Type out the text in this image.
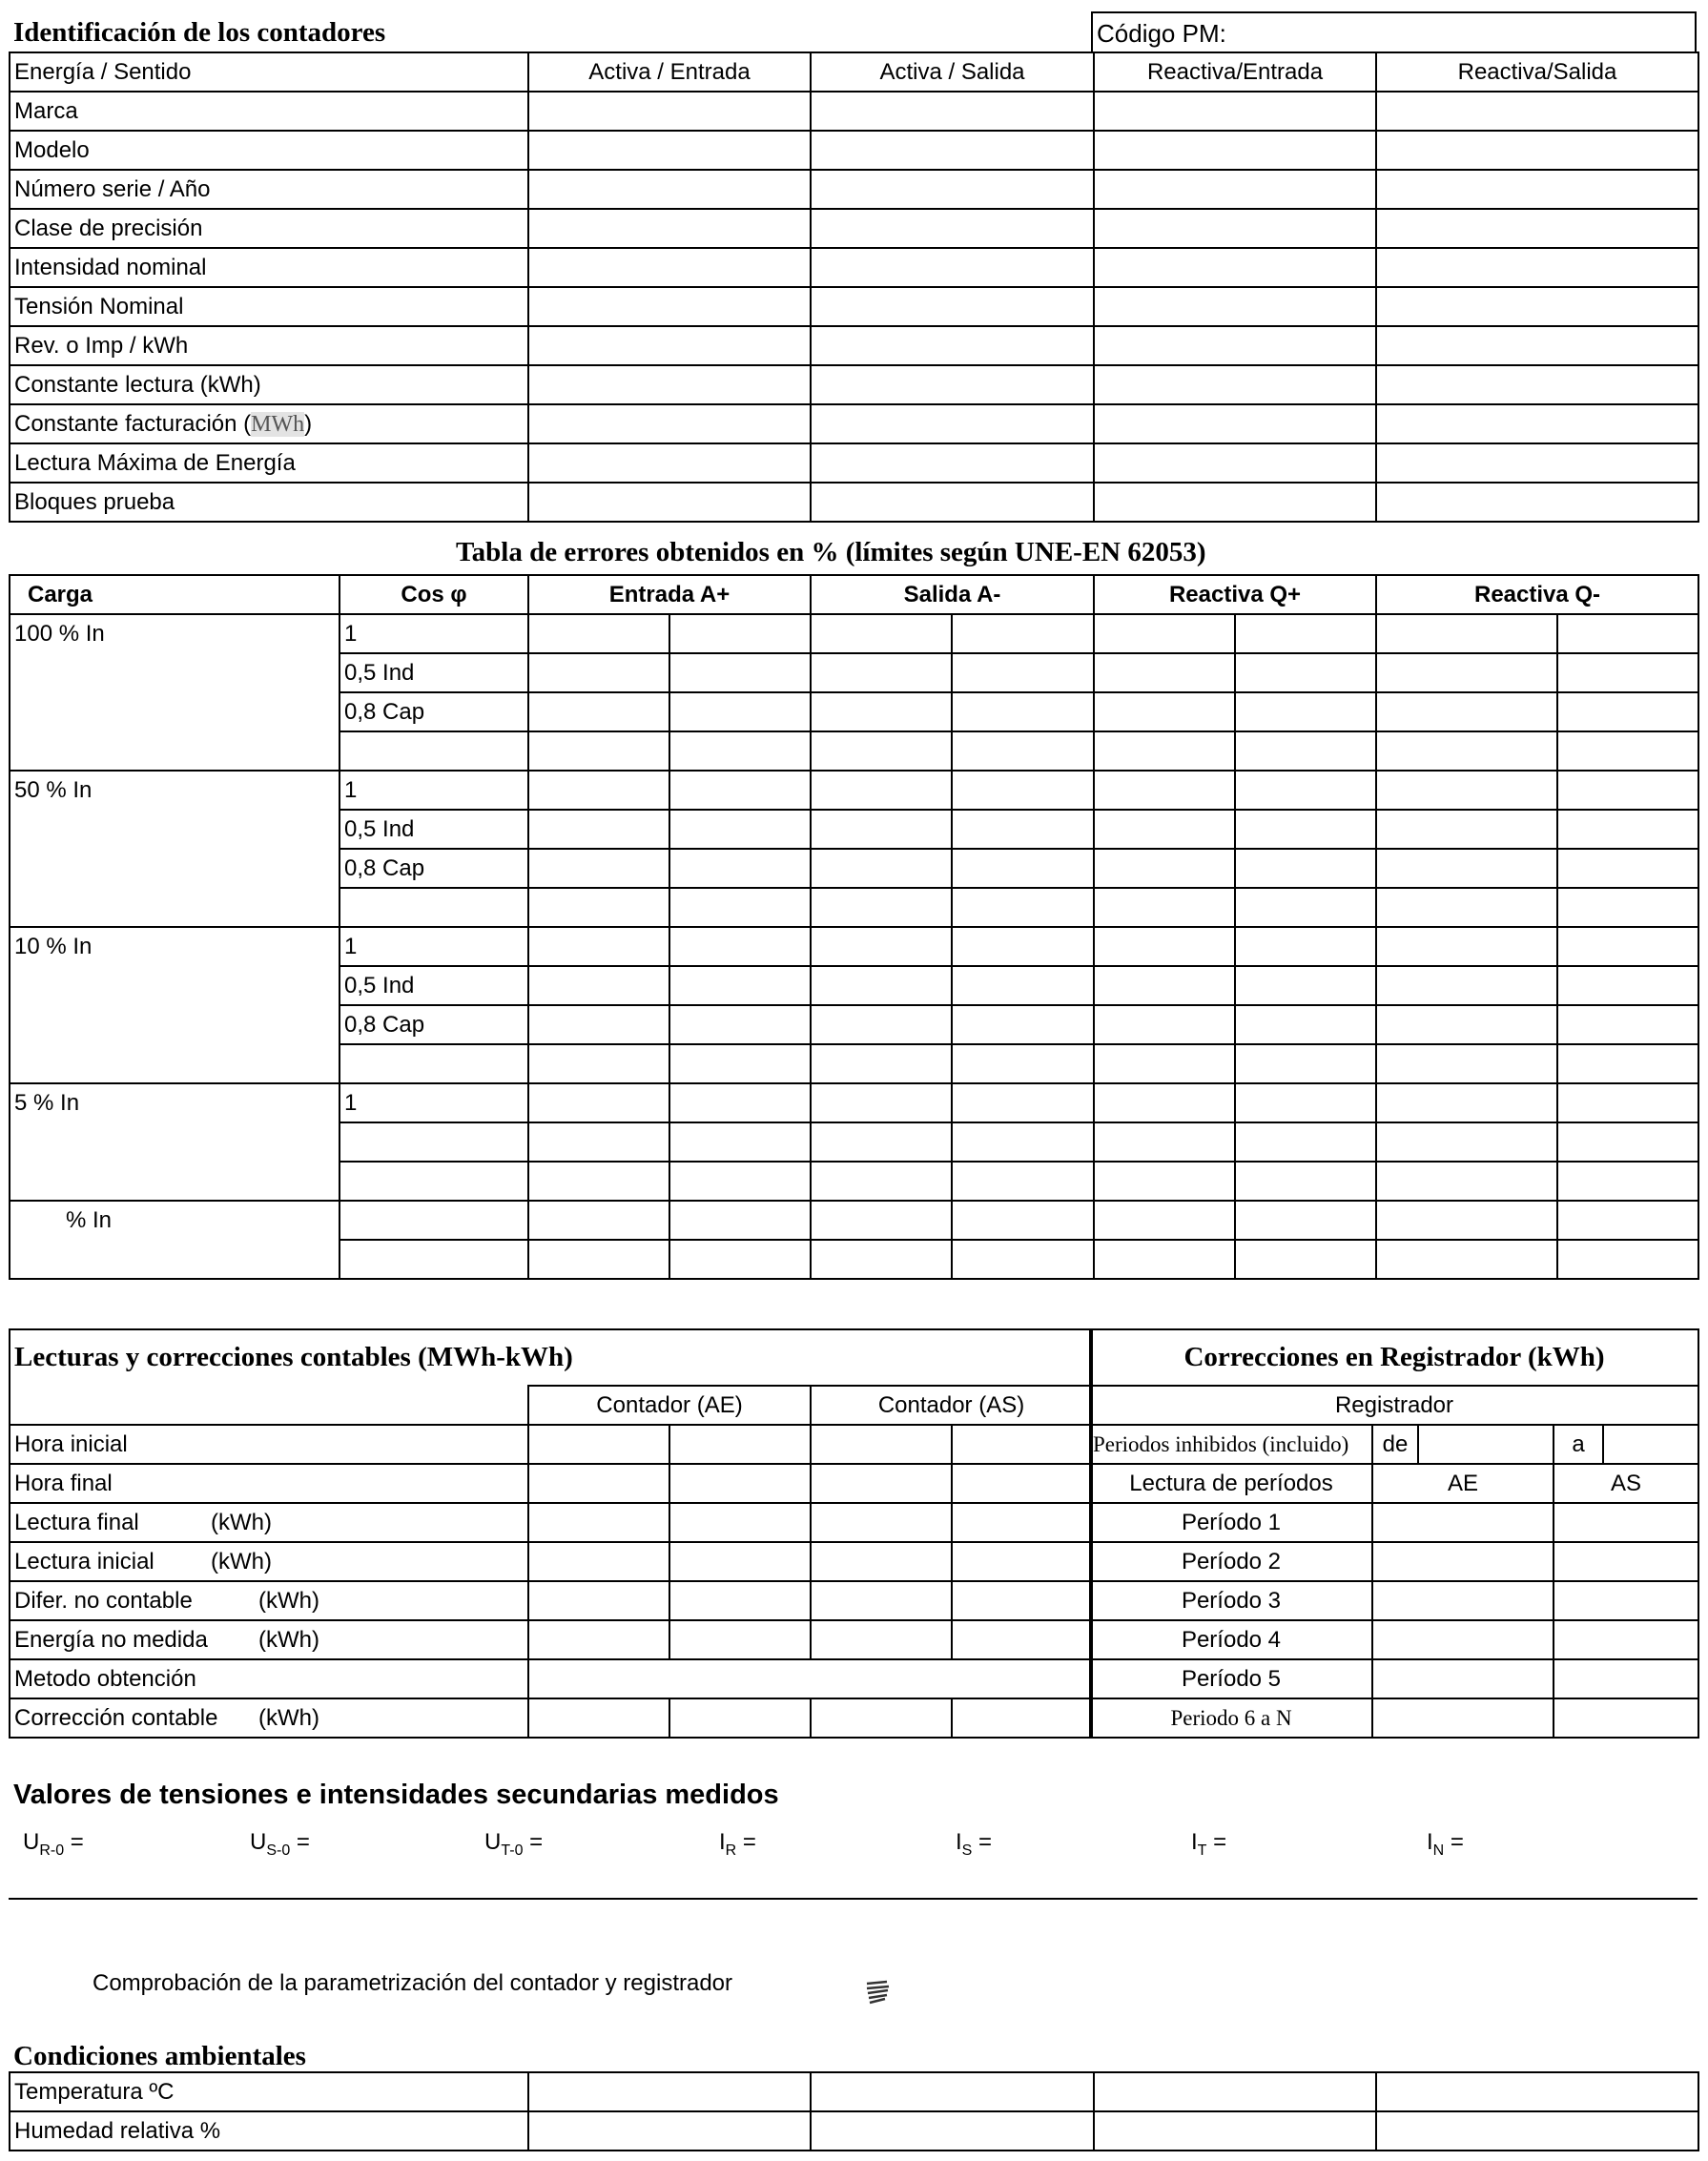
Identificación de los contadores	Código PM:
Energía / Sentido	Activa / Entrada	Activa / Salida	Reactiva/Entrada	Reactiva/Salida
Marca				
Modelo				
Número serie / Año				
Clase de precisión				
Intensidad nominal				
Tensión Nominal				
Rev. o Imp / kWh				
Constante lectura (kWh)				
Constante facturación (MWh)				
Lectura Máxima de Energía				
Bloques prueba				
Tabla de errores obtenidos en % (límites según UNE-EN 62053)
Carga	Cos φ	Entrada A+		Salida A-		Reactiva Q+		Reactiva Q-	
100 % In	1								
	0,5 Ind								
	0,8 Cap								

50 % In	1								
	0,5 Ind								
	0,8 Cap								

10 % In	1								
	0,5 Ind								
	0,8 Cap								

5 % In	1								

% In									

Lecturas y correcciones contables (MWh-kWh)				
	Contador (AE)		Contador (AS)	
Hora inicial				
Hora final				
Lectura final (kWh)				

Lectura inicial (kWh)				

Difer. no contable (kWh)				

Energía no medida (kWh)				

Metodo obtención				
Corrección contable (kWh)				

Correcciones en Registrador (kWh)				
Registrador				
Periodos inhibidos (incluido)	de		a	
Lectura de períodos	AE		AS	
Período 1				
Período 2				
Período 3				
Período 4				
Período 5				
Periodo 6 a N				
Valores de tensiones e intensidades secundarias medidos
$U_{R-0}$ =	$U_{S-0}$ =	$U_{T-0}$ =	$I_R$ =	$I_S$ =	$I_T$ =	$I_N$ =
Comprobación de la parametrización del contador y registrador
Condiciones ambientales
Temperatura ºC				
Humedad relativa %				
